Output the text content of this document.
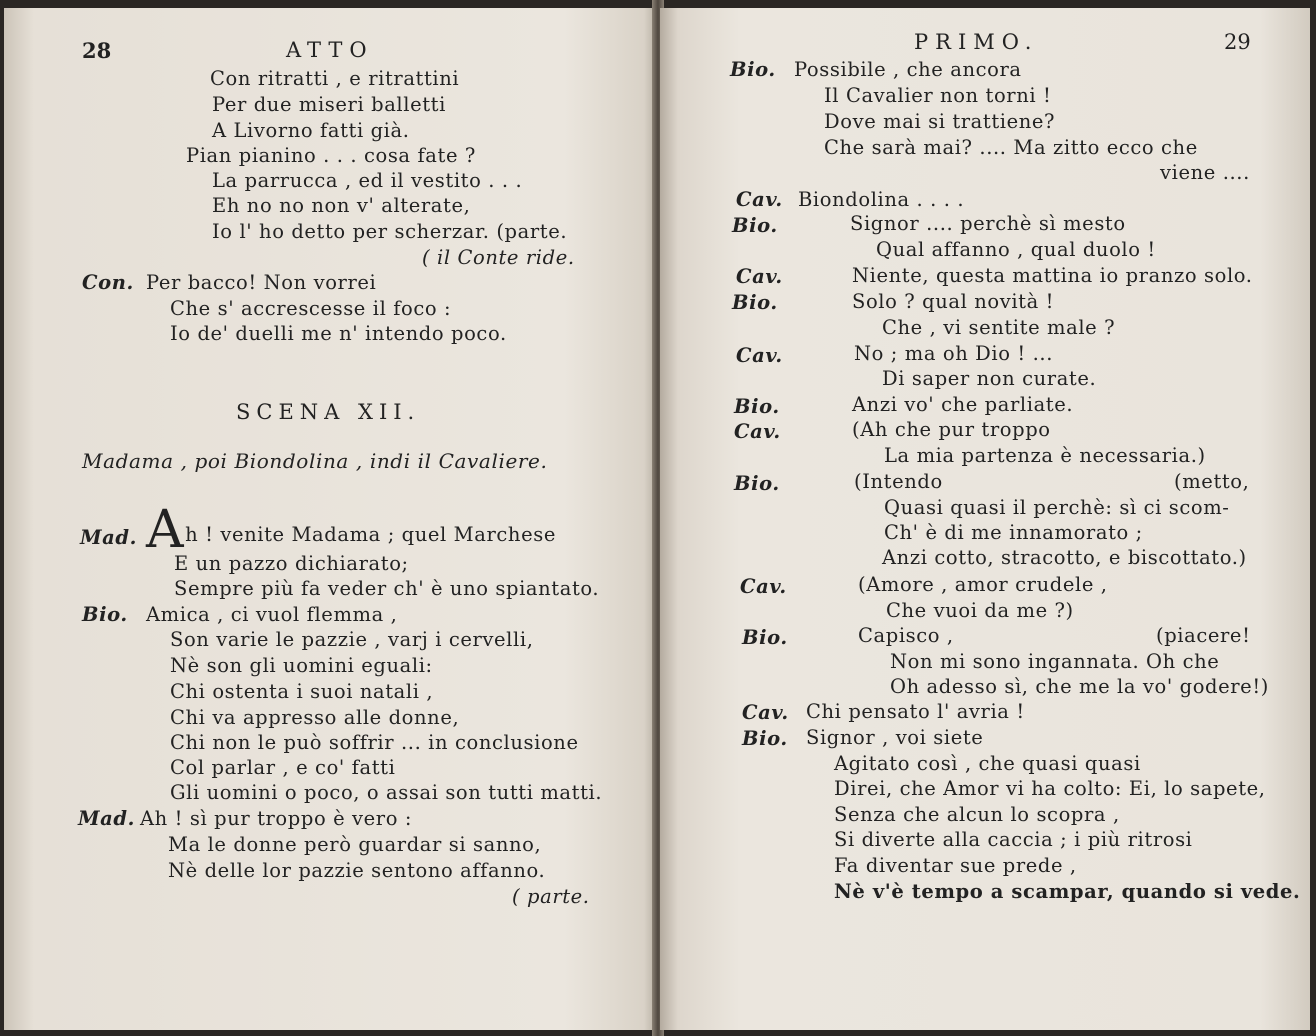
28	ATTO
Con ritratti , e ritrattini
Per due miseri balletti
A Livorno fatti già.
Pian pianino . . . cosa fate ?
La parrucca , ed il vestito . . .
Eh no no non v' alterate,
Io l' ho detto per scherzar. (parte.
( il Conte ride.
Con. Per bacco! Non vorrei
Che s' accrescesse il foco :
Io de' duelli me n' intendo poco.
SCENA XII.
Madama , poi Biondolina , indi il Cavaliere.
Mad. Ah ! venite Madama ; quel Marchese
E un pazzo dichiarato;
Sempre più fa veder ch' è uno spiantato.
Bio. Amica , ci vuol flemma ,
Son varie le pazzie , varj i cervelli,
Nè son gli uomini eguali:
Chi ostenta i suoi natali ,
Chi va appresso alle donne,
Chi non le può soffrir ... in conclusione
Col parlar , e co' fatti
Gli uomini o poco, o assai son tutti matti.
Mad. Ah ! sì pur troppo è vero :
Ma le donne però guardar si sanno,
Nè delle lor pazzie sentono affanno.
( parte.
PRIMO.	29
Bio. Possibile , che ancora
Il Cavalier non torni !
Dove mai si trattiene?
Che sarà mai? .... Ma zitto ecco che
viene ....
Cav. Biondolina . . . .
Bio.	Signor .... perchè sì mesto
Qual affanno , qual duolo !
Cav.	Niente, questa mattina io pranzo solo.
Bio.	Solo ? qual novità !
Che , vi sentite male ?
Cav.	No ; ma oh Dio ! ...
Di saper non curate.
Bio.	Anzi vo' che parliate.
Cav.	(Ah che pur troppo
La mia partenza è necessaria.)
Bio.	(Intendo	(metto,
Quasi quasi il perchè: sì ci scom-
Ch' è di me innamorato ;
Anzi cotto, stracotto, e biscottato.)
Cav.	(Amore , amor crudele ,
Che vuoi da me ?)
Bio.	Capisco ,	(piacere!
Non mi sono ingannata. Oh che
Oh adesso sì, che me la vo' godere!)
Cav. Chi pensato l' avria !
Bio. Signor , voi siete
Agitato così , che quasi quasi
Direi, che Amor vi ha colto: Ei, lo sapete,
Senza che alcun lo scopra ,
Si diverte alla caccia ; i più ritrosi
Fa diventar sue prede ,
Nè v'è tempo a scampar, quando si vede.
